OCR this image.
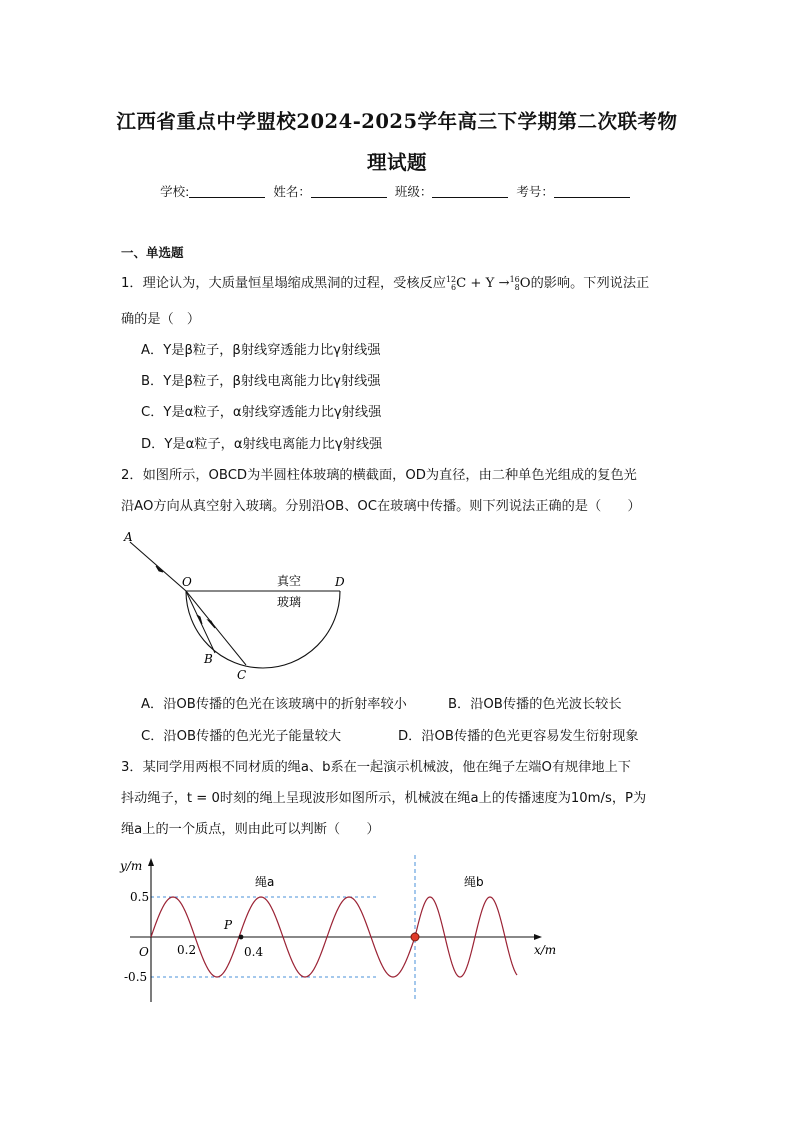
江西省重点中学盟校2024-2025学年高三下学期第二次联考物
理试题
学校:	姓名：	班级：	考号：
一、单选题
1．理论认为，大质量恒星塌缩成黑洞的过程，受核反应12
6C + Y →16
8O的影响。下列说法正
确的是（　）
A．Y是β粒子，β射线穿透能力比γ射线强
B．Y是β粒子，β射线电离能力比γ射线强
C．Y是α粒子，α射线穿透能力比γ射线强
D．Y是α粒子，α射线电离能力比γ射线强
2．如图所示，OBCD为半圆柱体玻璃的横截面，OD为直径，由二种单色光组成的复色光
沿AO方向从真空射入玻璃。分别沿OB、OC在玻璃中传播。则下列说法正确的是（　　）
A
O	D
B
C
真空
玻璃
A．沿OB传播的色光在该玻璃中的折射率较小	B．沿OB传播的色光波长较长
C．沿OB传播的色光光子能量较大	D．沿OB传播的色光更容易发生衍射现象
3．某同学用两根不同材质的绳a、b系在一起演示机械波，他在绳子左端O有规律地上下
抖动绳子，t = 0时刻的绳上呈现波形如图所示，机械波在绳a上的传播速度为10m/s，P为
绳a上的一个质点，则由此可以判断（　　）
y/m
x/m
O
0.5
-0.5
0.2	0.4
P
绳a	绳b
